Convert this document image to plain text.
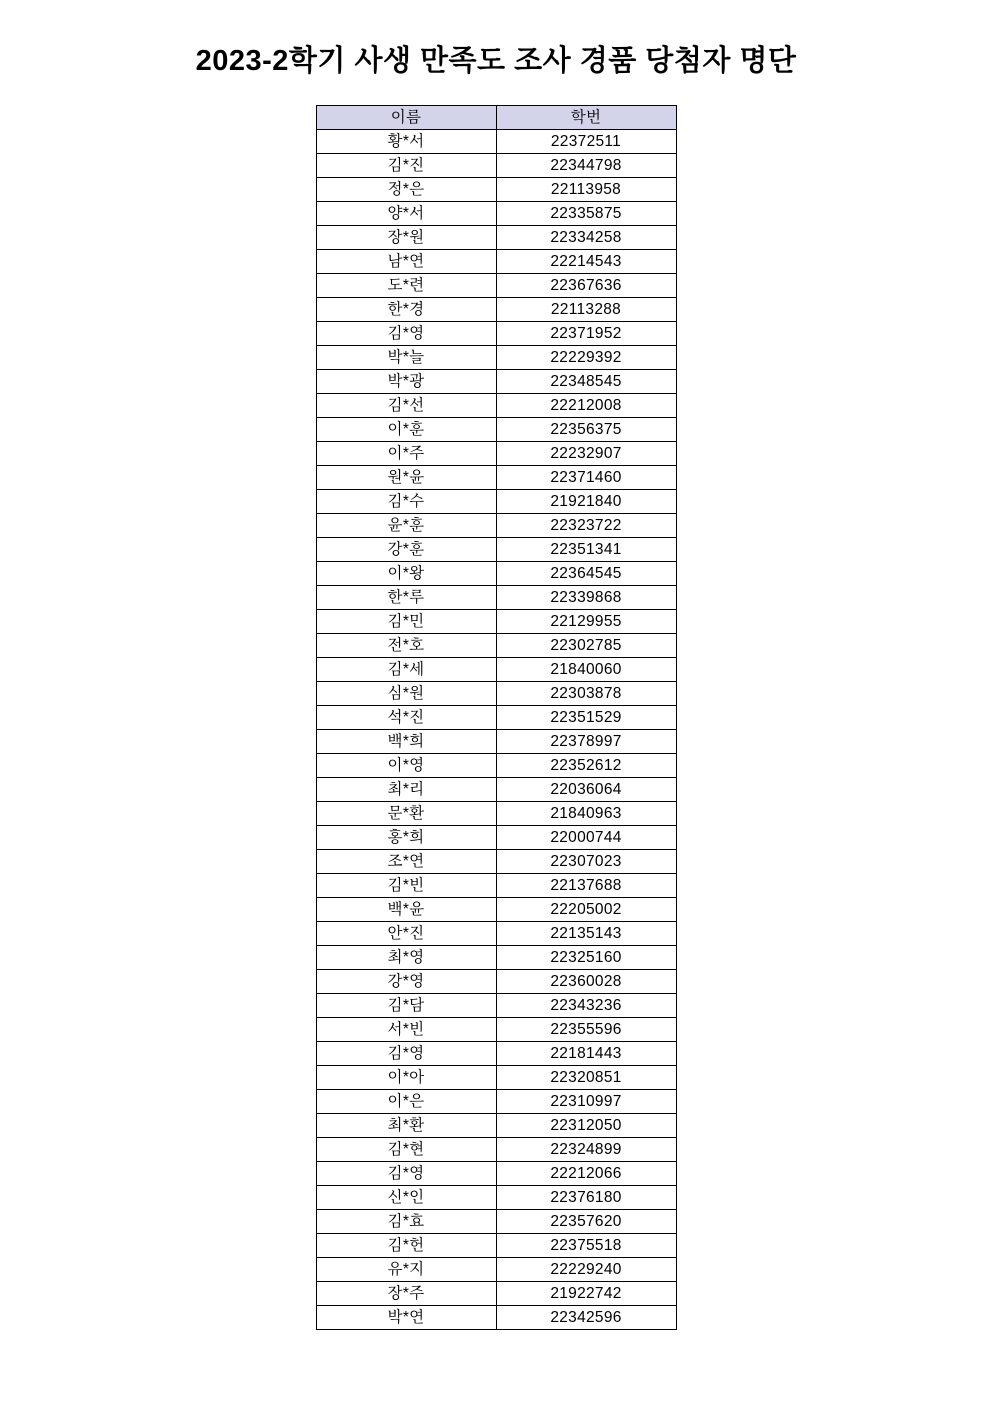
2023-2학기 사생 만족도 조사 경품 당첨자 명단
이름	학번
황*서	22372511
김*진	22344798
정*은	22113958
양*서	22335875
장*원	22334258
남*연	22214543
도*련	22367636
한*경	22113288
김*영	22371952
박*늘	22229392
박*광	22348545
김*선	22212008
이*훈	22356375
이*주	22232907
원*윤	22371460
김*수	21921840
윤*훈	22323722
강*훈	22351341
이*왕	22364545
한*루	22339868
김*민	22129955
전*호	22302785
김*세	21840060
심*원	22303878
석*진	22351529
백*희	22378997
이*영	22352612
최*리	22036064
문*환	21840963
홍*희	22000744
조*연	22307023
김*빈	22137688
백*윤	22205002
안*진	22135143
최*영	22325160
강*영	22360028
김*담	22343236
서*빈	22355596
김*영	22181443
이*아	22320851
이*은	22310997
최*환	22312050
김*현	22324899
김*영	22212066
신*인	22376180
김*효	22357620
김*헌	22375518
유*지	22229240
장*주	21922742
박*연	22342596
